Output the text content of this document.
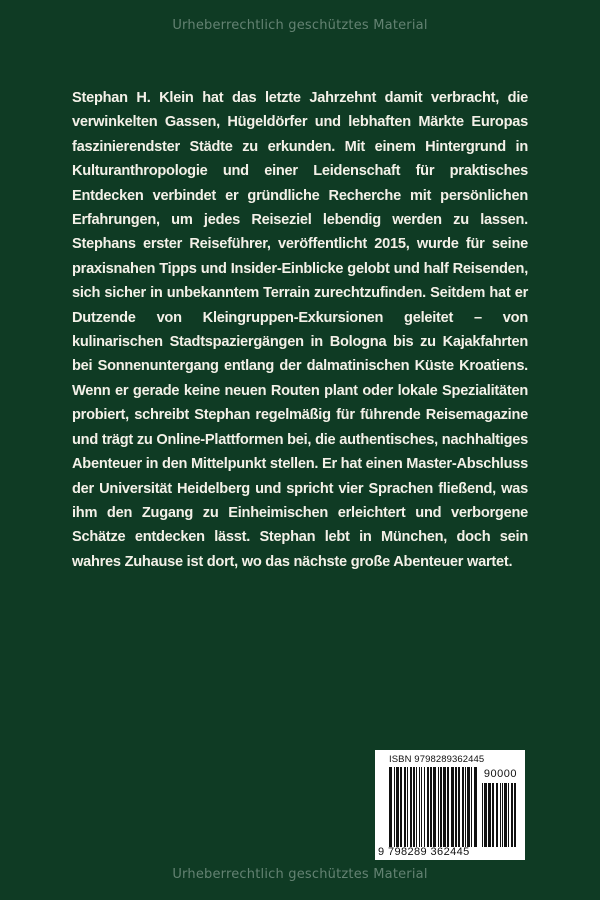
Urheberrechtlich geschütztes Material

Stephan H. Klein hat das letzte Jahrzehnt damit verbracht, die verwinkelten Gassen, Hügeldörfer und lebhaften Märkte Europas faszinierendster Städte zu erkunden. Mit einem Hintergrund in Kulturanthropologie und einer Leidenschaft für praktisches Entdecken verbindet er gründliche Recherche mit persönlichen Erfahrungen, um jedes Reiseziel lebendig werden zu lassen. Stephans erster Reiseführer, veröffentlicht 2015, wurde für seine praxisnahen Tipps und Insider-Einblicke gelobt und half Reisenden, sich sicher in unbekanntem Terrain zurechtzufinden. Seitdem hat er Dutzende von Kleingruppen-Exkursionen geleitet – von kulinarischen Stadtspaziergängen in Bologna bis zu Kajakfahrten bei Sonnenuntergang entlang der dalmatinischen Küste Kroatiens. Wenn er gerade keine neuen Routen plant oder lokale Spezialitäten probiert, schreibt Stephan regelmäßig für führende Reisemagazine und trägt zu Online-Plattformen bei, die authentisches, nachhaltiges Abenteuer in den Mittelpunkt stellen. Er hat einen Master-Abschluss der Universität Heidelberg und spricht vier Sprachen fließend, was ihm den Zugang zu Einheimischen erleichtert und verborgene Schätze entdecken lässt. Stephan lebt in München, doch sein wahres Zuhause ist dort, wo das nächste große Abenteuer wartet.

ISBN 9798289362445
90000
9 798289 362445
Urheberrechtlich geschütztes Material
